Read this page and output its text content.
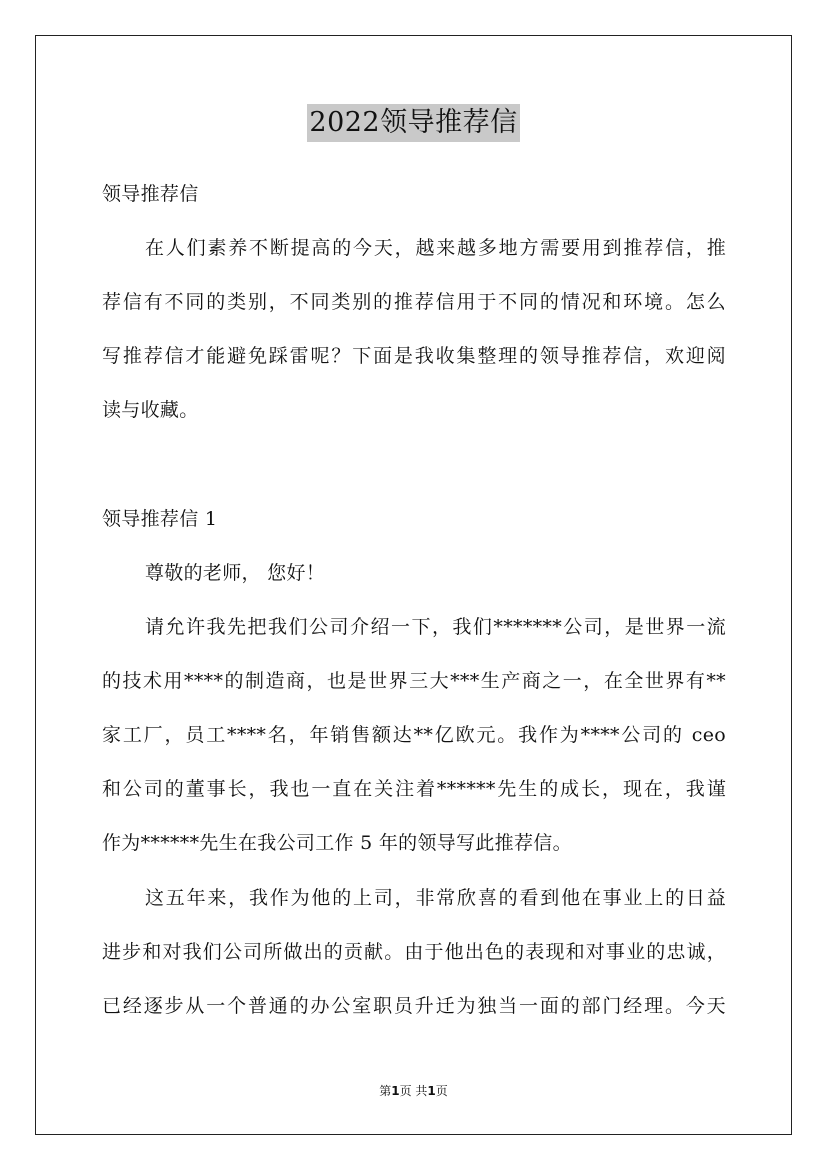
2022领导推荐信
领导推荐信
在人们素养不断提高的今天，越来越多地方需要用到推荐信，推
荐信有不同的类别，不同类别的推荐信用于不同的情况和环境。怎么
写推荐信才能避免踩雷呢？下面是我收集整理的领导推荐信，欢迎阅
读与收藏。
领导推荐信 1
尊敬的老师， 您好！
请允许我先把我们公司介绍一下，我们*******公司，是世界一流
的技术用****的制造商，也是世界三大***生产商之一，在全世界有**
家工厂，员工****名，年销售额达**亿欧元。我作为****公司的 ceo
和公司的董事长，我也一直在关注着******先生的成长，现在，我谨
作为******先生在我公司工作 5 年的领导写此推荐信。
这五年来，我作为他的上司，非常欣喜的看到他在事业上的日益
进步和对我们公司所做出的贡献。由于他出色的表现和对事业的忠诚，
已经逐步从一个普通的办公室职员升迁为独当一面的部门经理。今天
第1页 共1页
